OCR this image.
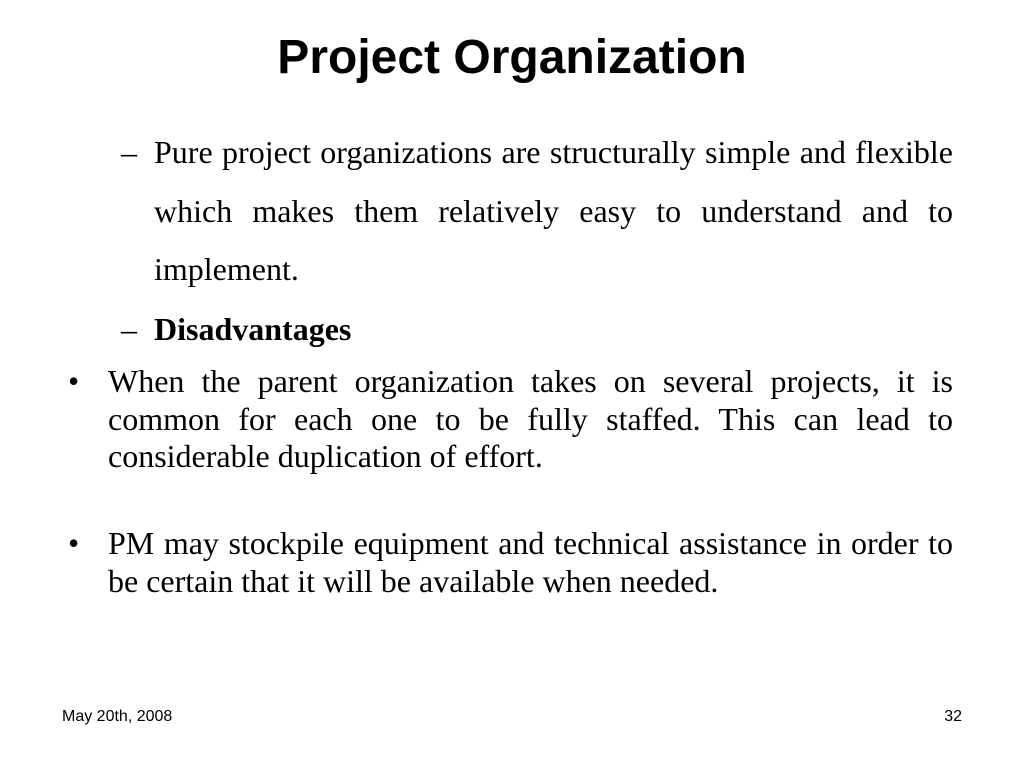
Project Organization
– Pure project organizations are structurally simple and flexible which makes them relatively easy to understand and to implement.
– Disadvantages
• When the parent organization takes on several projects, it is common for each one to be fully staffed. This can lead to considerable duplication of effort.
• PM may stockpile equipment and technical assistance in order to be certain that it will be available when needed.
May 20th, 2008	32
